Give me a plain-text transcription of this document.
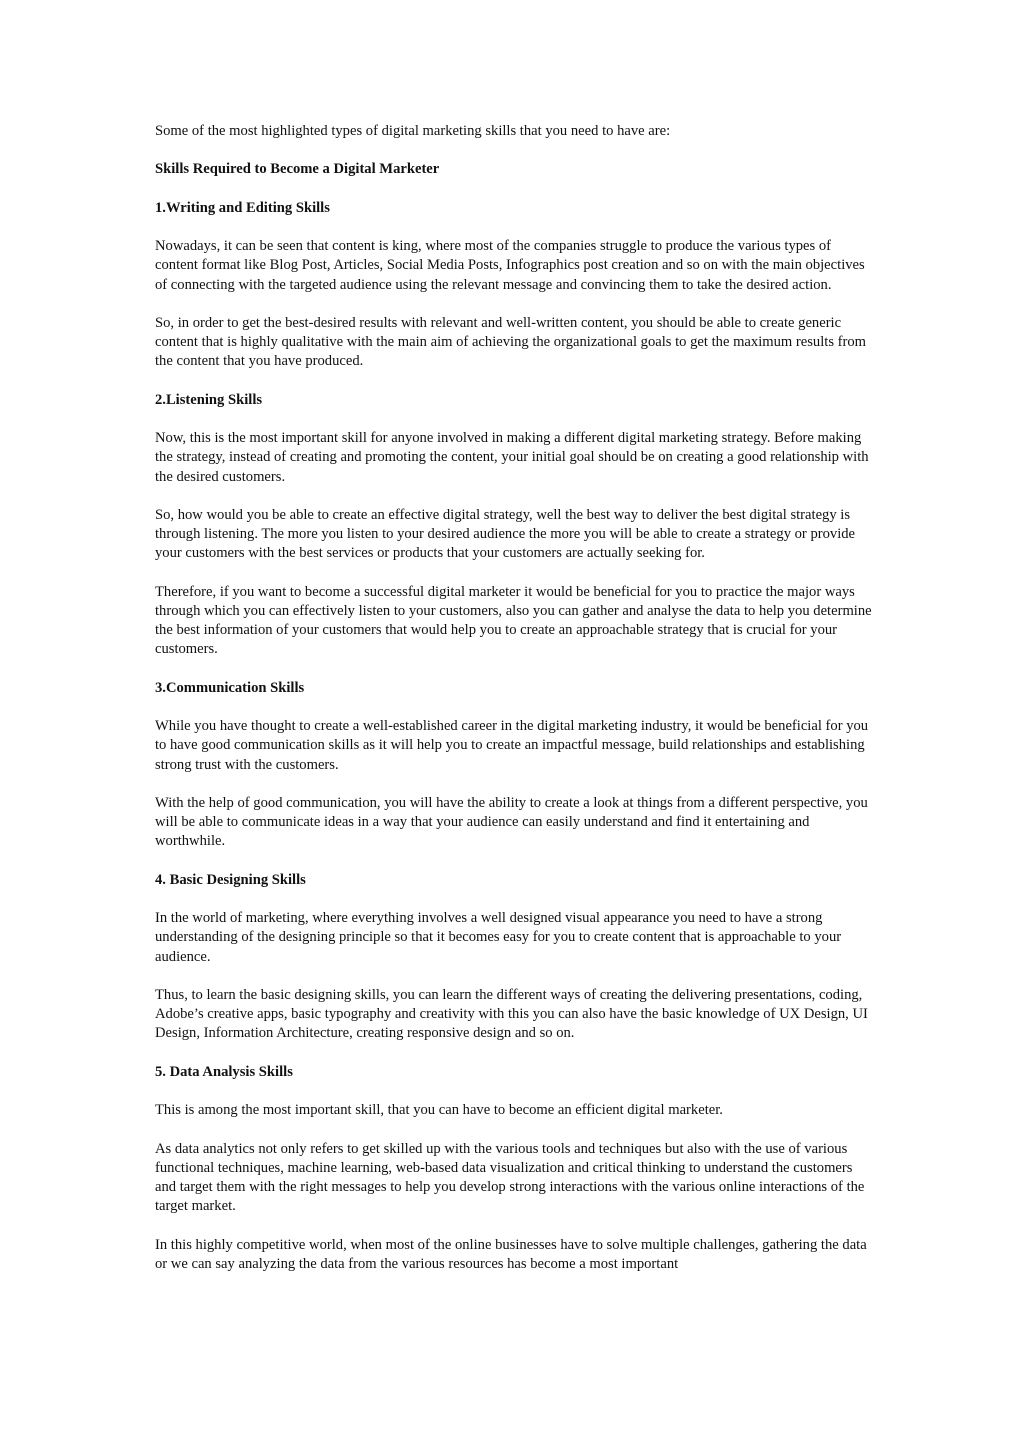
Some of the most highlighted types of digital marketing skills that you need to have are:

Skills Required to Become a Digital Marketer
1.Writing and Editing Skills

Nowadays, it can be seen that content is king, where most of the companies struggle to produce the various types of content format like Blog Post, Articles, Social Media Posts, Infographics post creation and so on with the main objectives of connecting with the targeted audience using the relevant message and convincing them to take the desired action.

So, in order to get the best-desired results with relevant and well-written content, you should be able to create generic content that is highly qualitative with the main aim of achieving the organizational goals to get the maximum results from the content that you have produced.

2.Listening Skills

Now, this is the most important skill for anyone involved in making a different digital marketing strategy. Before making the strategy, instead of creating and promoting the content, your initial goal should be on creating a good relationship with the desired customers.

So, how would you be able to create an effective digital strategy, well the best way to deliver the best digital strategy is through listening. The more you listen to your desired audience the more you will be able to create a strategy or provide your customers with the best services or products that your customers are actually seeking for.

Therefore, if you want to become a successful digital marketer it would be beneficial for you to practice the major ways through which you can effectively listen to your customers, also you can gather and analyse the data to help you determine the best information of your customers that would help you to create an approachable strategy that is crucial for your customers.

3.Communication Skills

While you have thought to create a well-established career in the digital marketing industry, it would be beneficial for you to have good communication skills as it will help you to create an impactful message, build relationships and establishing strong trust with the customers.

With the help of good communication, you will have the ability to create a look at things from a different perspective, you will be able to communicate ideas in a way that your audience can easily understand and find it entertaining and worthwhile.

4. Basic Designing Skills

In the world of marketing, where everything involves a well designed visual appearance you need to have a strong understanding of the designing principle so that it becomes easy for you to create content that is approachable to your audience.

Thus, to learn the basic designing skills, you can learn the different ways of creating the delivering presentations, coding, Adobe’s creative apps, basic typography and creativity with this you can also have the basic knowledge of UX Design, UI Design, Information Architecture, creating responsive design and so on.

5. Data Analysis Skills

This is among the most important skill, that you can have to become an efficient digital marketer.

As data analytics not only refers to get skilled up with the various tools and techniques but also with the use of various functional techniques, machine learning, web-based data visualization and critical thinking to understand the customers and target them with the right messages to help you develop strong interactions with the various online interactions of the target market.

In this highly competitive world, when most of the online businesses have to solve multiple challenges, gathering the data or we can say analyzing the data from the various resources has become a most important
